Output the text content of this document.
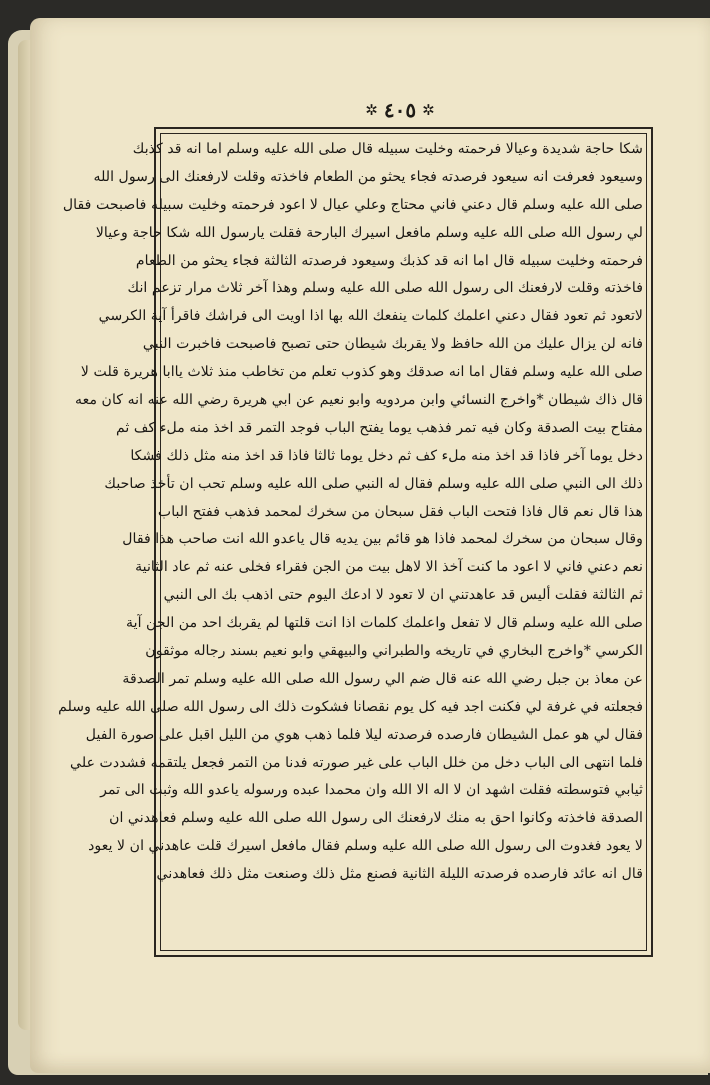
✲ ٤٠٥ ✲
شكا حاجة شديدة وعيالا فرحمته وخليت سبيله قال صلى الله عليه وسلم اما انه قد كذبك
وسيعود فعرفت انه سيعود فرصدته فجاء يحثو من الطعام فاخذته وقلت لارفعنك الى رسول الله
صلى الله عليه وسلم قال دعني فاني محتاج وعلي عيال لا اعود فرحمته وخليت سبيله فاصبحت فقال
لي رسول الله صلى الله عليه وسلم مافعل اسيرك البارحة فقلت يارسول الله شكا حاجة وعيالا
فرحمته وخليت سبيله قال اما انه قد كذبك وسيعود فرصدته الثالثة فجاء يحثو من الطعام
فاخذته وقلت لارفعنك الى رسول الله صلى الله عليه وسلم وهذا آخر ثلاث مرار تزعم انك
لاتعود ثم تعود فقال دعني اعلمك كلمات ينفعك الله بها اذا اويت الى فراشك فاقرأ آية الكرسي
فانه لن يزال عليك من الله حافظ ولا يقربك شيطان حتى تصبح فاصبحت فاخبرت النبي
صلى الله عليه وسلم فقال اما انه صدقك وهو كذوب تعلم من تخاطب منذ ثلاث ياابا هريرة قلت لا
قال ذاك شيطان *واخرج النسائي وابن مردويه وابو نعيم عن ابي هريرة رضي الله عنه انه كان معه
مفتاح بيت الصدقة وكان فيه تمر فذهب يوما يفتح الباب فوجد التمر قد اخذ منه ملء كف ثم
دخل يوما آخر فاذا قد اخذ منه ملء كف ثم دخل يوما ثالثا فاذا قد اخذ منه مثل ذلك فشكا
ذلك الى النبي صلى الله عليه وسلم فقال له النبي صلى الله عليه وسلم تحب ان تأخذ صاحبك
هذا قال نعم قال فاذا فتحت الباب فقل سبحان من سخرك لمحمد فذهب ففتح الباب
وقال سبحان من سخرك لمحمد فاذا هو قائم بين يديه قال ياعدو الله انت صاحب هذا فقال
نعم دعني فاني لا اعود ما كنت آخذ الا لاهل بيت من الجن فقراء فخلى عنه ثم عاد الثانية
ثم الثالثة فقلت أليس قد عاهدتني ان لا تعود لا ادعك اليوم حتى اذهب بك الى النبي
صلى الله عليه وسلم قال لا تفعل واعلمك كلمات اذا انت قلتها لم يقربك احد من الجن آية
الكرسي *واخرج البخاري في تاريخه والطبراني والبيهقي وابو نعيم بسند رجاله موثقون
عن معاذ بن جبل رضي الله عنه قال ضم الي رسول الله صلى الله عليه وسلم تمر الصدقة
فجعلته في غرفة لي فكنت اجد فيه كل يوم نقصانا فشكوت ذلك الى رسول الله صلى الله عليه وسلم
فقال لي هو عمل الشيطان فارصده فرصدته ليلا فلما ذهب هوي من الليل اقبل على صورة الفيل
فلما انتهى الى الباب دخل من خلل الباب على غير صورته فدنا من التمر فجعل يلتقمه فشددت علي
ثيابي فتوسطته فقلت اشهد ان لا اله الا الله وان محمدا عبده ورسوله ياعدو الله وثبت الى تمر
الصدقة فاخذته وكانوا احق به منك لارفعنك الى رسول الله صلى الله عليه وسلم فعاهدني ان
لا يعود فغدوت الى رسول الله صلى الله عليه وسلم فقال مافعل اسيرك قلت عاهدني ان لا يعود
قال انه عائد فارصده فرصدته الليلة الثانية فصنع مثل ذلك وصنعت مثل ذلك فعاهدني
